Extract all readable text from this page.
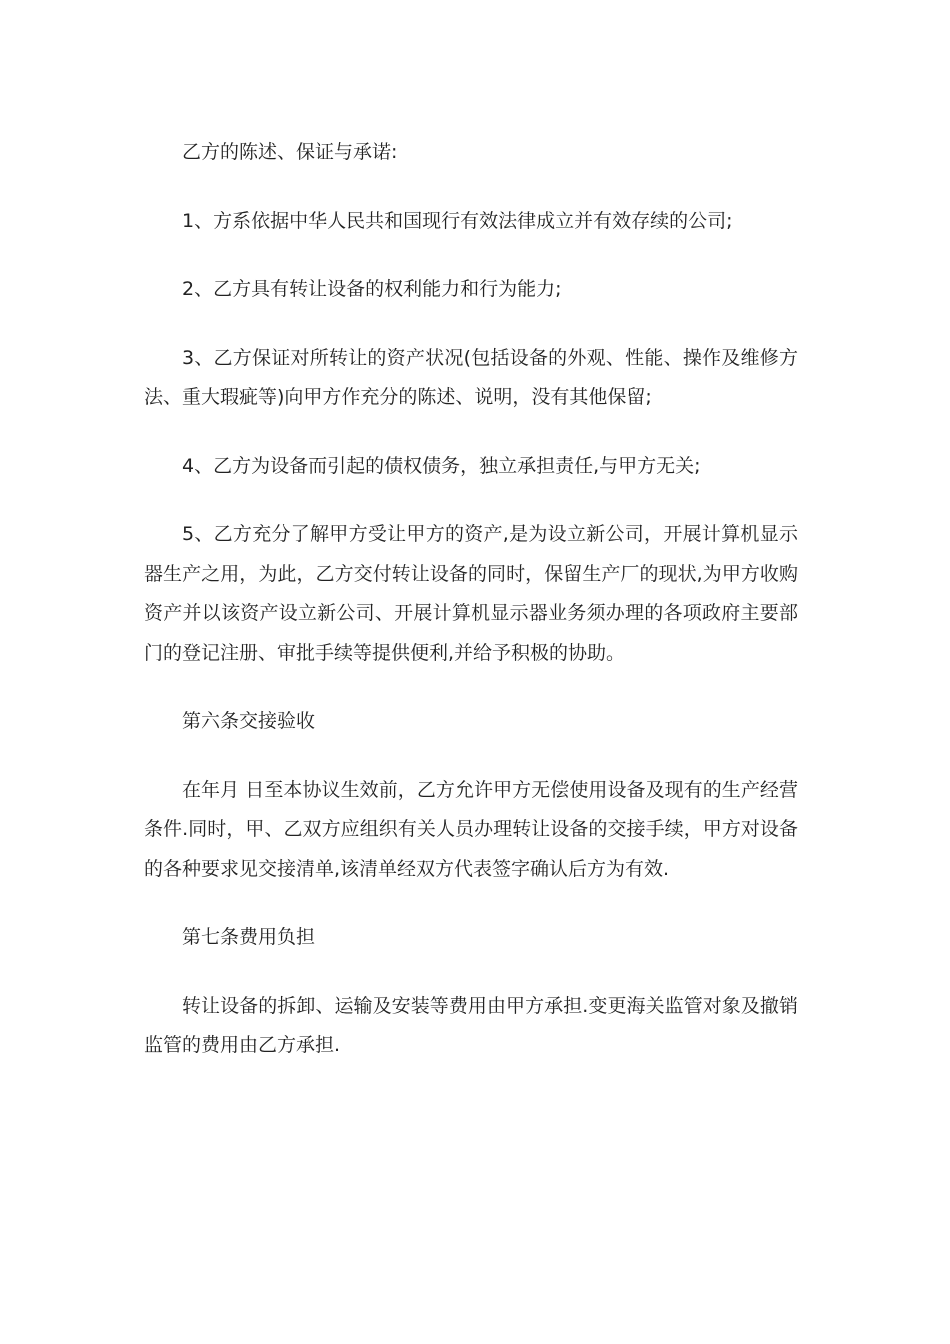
乙方的陈述、保证与承诺:

1、方系依据中华人民共和国现行有效法律成立并有效存续的公司;

2、乙方具有转让设备的权利能力和行为能力;

3、乙方保证对所转让的资产状况(包括设备的外观、性能、操作及维修方法、重大瑕疵等)向甲方作充分的陈述、说明，没有其他保留;

4、乙方为设备而引起的债权债务，独立承担责任,与甲方无关;

5、乙方充分了解甲方受让甲方的资产,是为设立新公司，开展计算机显示器生产之用，为此，乙方交付转让设备的同时，保留生产厂的现状,为甲方收购资产并以该资产设立新公司、开展计算机显示器业务须办理的各项政府主要部门的登记注册、审批手续等提供便利,并给予积极的协助。

第六条交接验收

在年月 日至本协议生效前，乙方允许甲方无偿使用设备及现有的生产经营条件.同时，甲、乙双方应组织有关人员办理转让设备的交接手续，甲方对设备的各种要求见交接清单,该清单经双方代表签字确认后方为有效.

第七条费用负担

转让设备的拆卸、运输及安装等费用由甲方承担.变更海关监管对象及撤销监管的费用由乙方承担.
